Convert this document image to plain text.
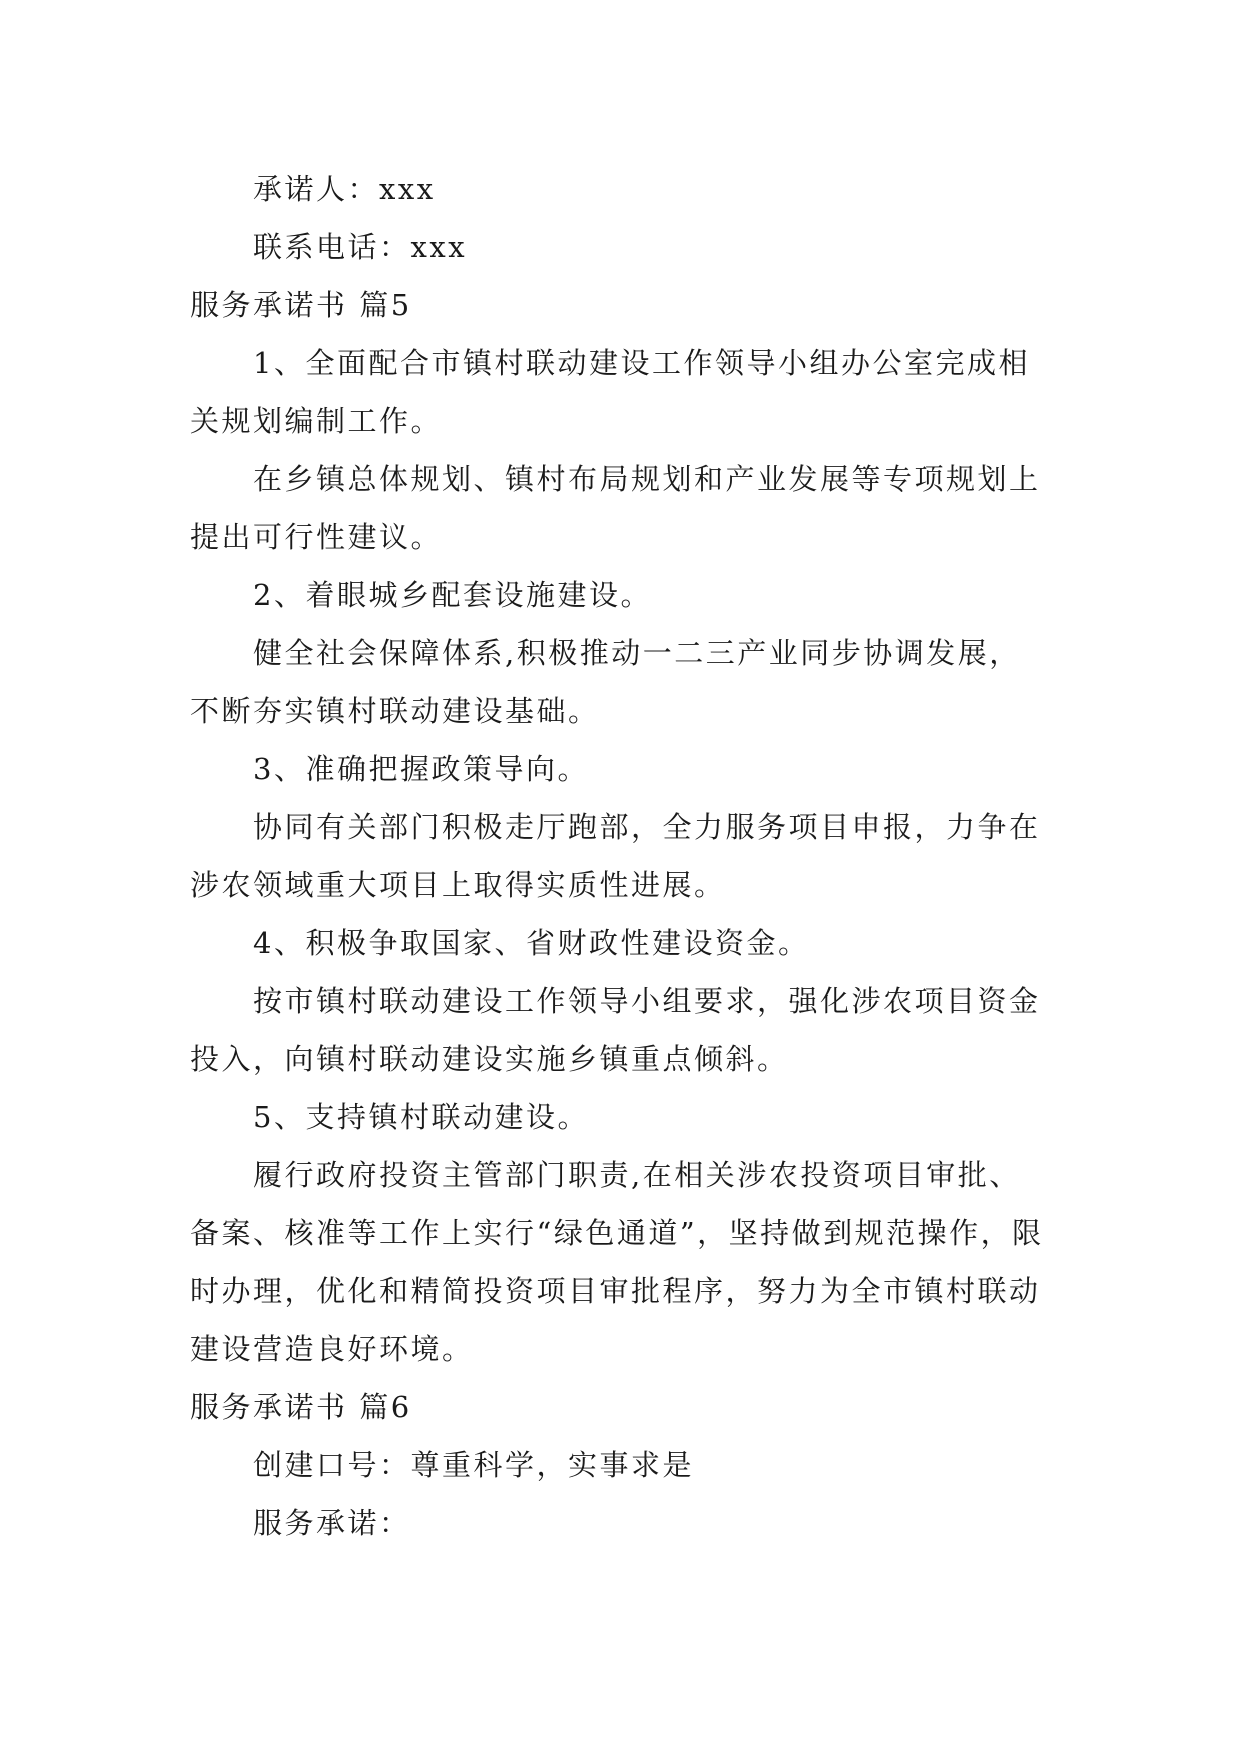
承诺人：xxx

联系电话：xxx

服务承诺书 篇5

1、全面配合市镇村联动建设工作领导小组办公室完成相关规划编制工作。

在乡镇总体规划、镇村布局规划和产业发展等专项规划上提出可行性建议。

2、着眼城乡配套设施建设。

健全社会保障体系,积极推动一二三产业同步协调发展，不断夯实镇村联动建设基础。

3、准确把握政策导向。

协同有关部门积极走厅跑部，全力服务项目申报，力争在涉农领域重大项目上取得实质性进展。

4、积极争取国家、省财政性建设资金。

按市镇村联动建设工作领导小组要求，强化涉农项目资金投入，向镇村联动建设实施乡镇重点倾斜。

5、支持镇村联动建设。

履行政府投资主管部门职责,在相关涉农投资项目审批、备案、核准等工作上实行“绿色通道”，坚持做到规范操作，限时办理，优化和精简投资项目审批程序，努力为全市镇村联动建设营造良好环境。

服务承诺书 篇6

创建口号：尊重科学，实事求是

服务承诺：
